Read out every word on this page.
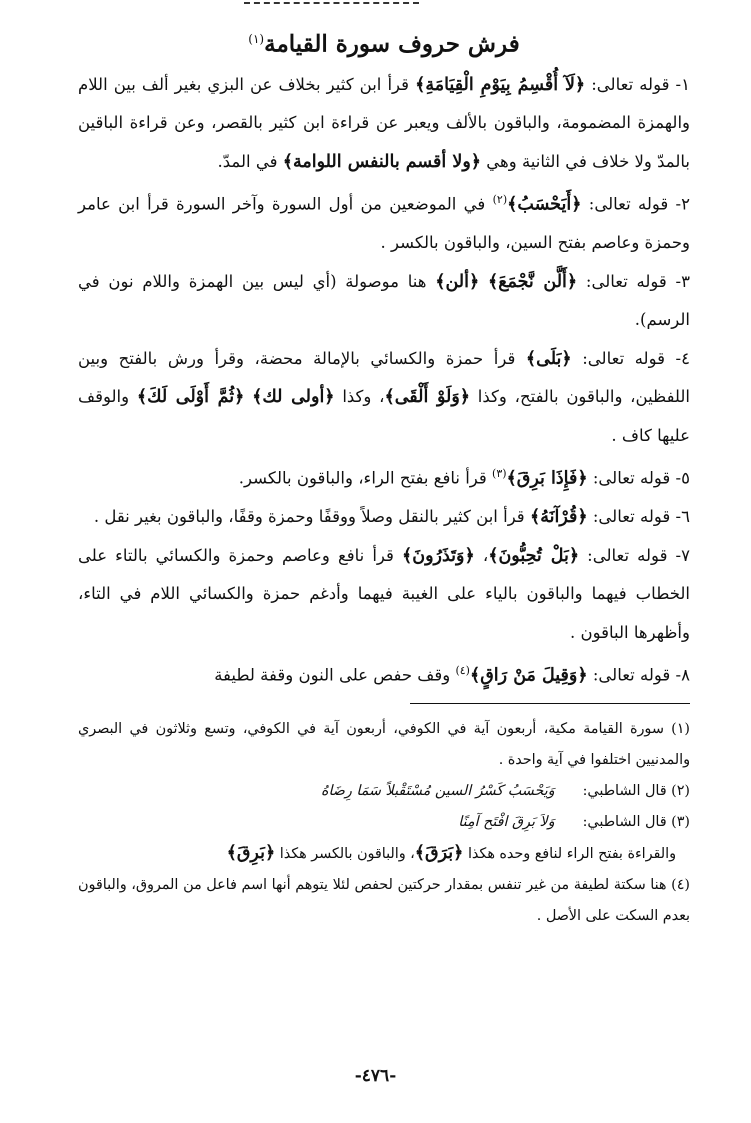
فرش حروف سورة القيامة$^{(١)}$

١- قوله تعالى: ﴿لَآ أُقْسِمُ بِيَوْمِ الْقِيَامَةِ﴾ قرأ ابن كثير بخلاف عن البزي بغير ألف بين اللام والهمزة المضمومة، والباقون بالألف ويعبر عن قراءة ابن كثير بالقصر، وعن قراءة الباقين بالمدّ ولا خلاف في الثانية وهي ﴿ولا أقسم بالنفس اللوامة﴾ في المدّ.

٢- قوله تعالى: ﴿أَيَحْسَبُ﴾$^{(٢)}$ في الموضعين من أول السورة وآخر السورة قرأ ابن عامر وحمزة وعاصم بفتح السين، والباقون بالكسر .

٣- قوله تعالى: ﴿أَلَّن نَّجْمَعَ﴾ ﴿ألن﴾ هنا موصولة (أي ليس بين الهمزة واللام نون في الرسم).

٤- قوله تعالى: ﴿بَلَى﴾ قرأ حمزة والكسائي بالإمالة محضة، وقرأ ورش بالفتح وبين اللفظين، والباقون بالفتح، وكذا ﴿وَلَوْ أَلْقَى﴾، وكذا ﴿أولى لك﴾ ﴿ثُمَّ أَوْلَى لَكَ﴾ والوقف عليها كاف .

٥- قوله تعالى: ﴿فَإِذَا بَرِقَ﴾$^{(٣)}$ قرأ نافع بفتح الراء، والباقون بالكسر.

٦- قوله تعالى: ﴿قُرْآنَهُ﴾ قرأ ابن كثير بالنقل وصلاً ووقفًا وحمزة وقفًا، والباقون بغير نقل .

٧- قوله تعالى: ﴿بَلْ تُحِبُّونَ﴾، ﴿وَتَذَرُونَ﴾ قرأ نافع وعاصم وحمزة والكسائي بالتاء على الخطاب فيهما والباقون بالياء على الغيبة فيهما وأدغم حمزة والكسائي اللام في التاء، وأظهرها الباقون .

٨- قوله تعالى: ﴿وَقِيلَ مَنْ رَاقٍ﴾$^{(٤)}$ وقف حفص على النون وقفة لطيفة

(١) سورة القيامة مكية، أربعون آية في الكوفي، أربعون آية في الكوفي، وتسع وثلاثون في البصري والمدنيين اختلفوا في آية واحدة .

(٢) قال الشاطبي:وَيَحْسَبُ كَسْرُ السين مُسْتَقْبلاً سَمَا رِضَاهُ

(٣) قال الشاطبي:وَلاَ بَرِقَ افْتَح آمِنًا

والقراءة بفتح الراء لنافع وحده هكذا ﴿بَرَقَ﴾، والباقون بالكسر هكذا ﴿بَرِقَ﴾

(٤) هنا سكتة لطيفة من غير تنفس بمقدار حركتين لحفص لئلا يتوهم أنها اسم فاعل من المروق، والباقون بعدم السكت على الأصل .

-٤٧٦-
